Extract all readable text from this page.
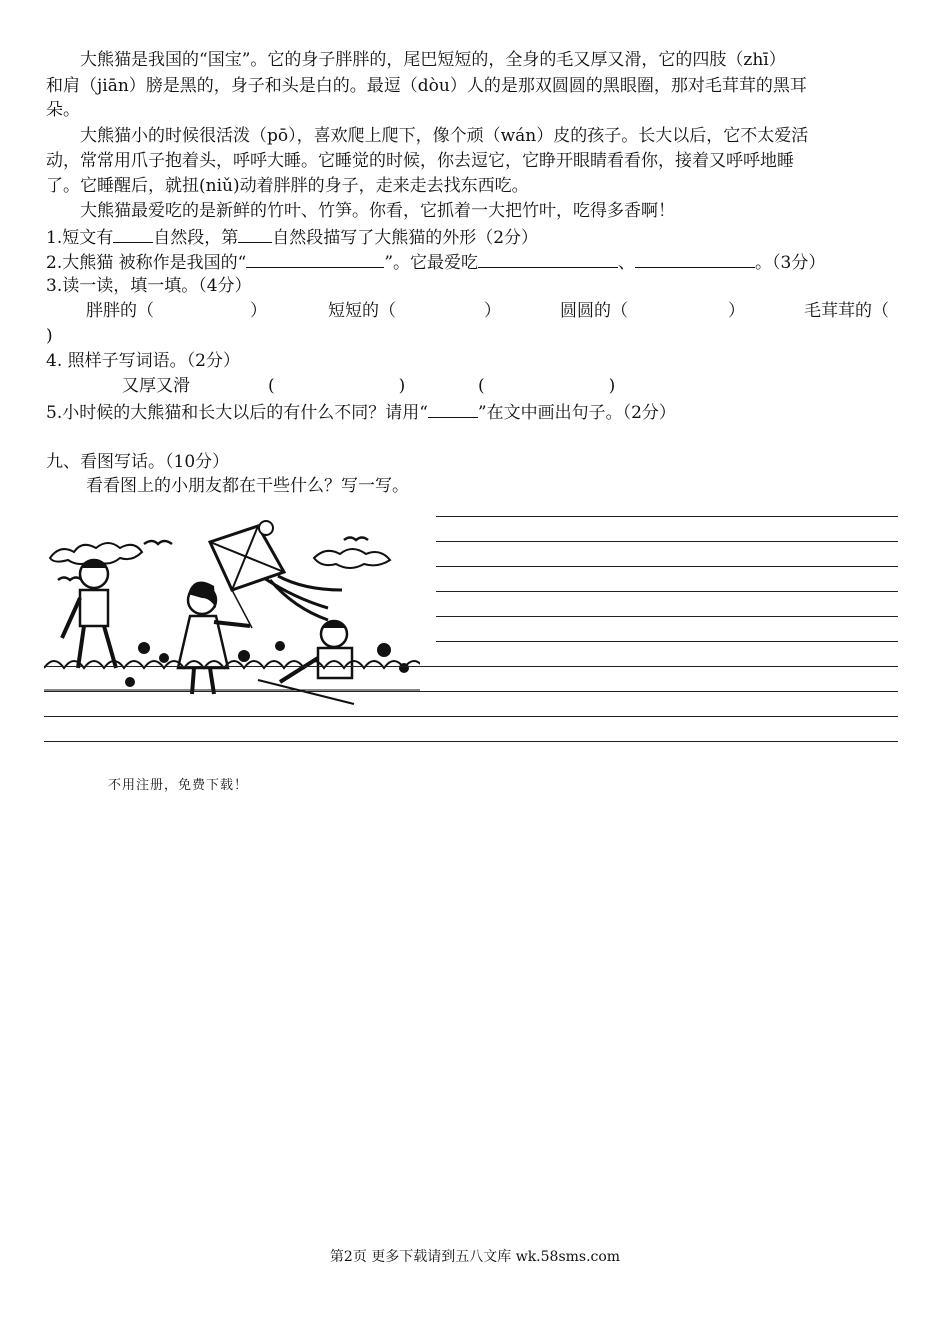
大熊猫是我国的“国宝”。它的身子胖胖的，尾巴短短的，全身的毛又厚又滑，它的四肢（zhī）
和肩（jiān）膀是黑的，身子和头是白的。最逗（dòu）人的是那双圆圆的黑眼圈，那对毛茸茸的黑耳
朵。
大熊猫小的时候很活泼（pō），喜欢爬上爬下，像个顽（wán）皮的孩子。长大以后，它不太爱活
动，常常用爪子抱着头，呼呼大睡。它睡觉的时候，你去逗它，它睁开眼睛看看你，接着又呼呼地睡
了。它睡醒后，就扭(niǔ)动着胖胖的身子，走来走去找东西吃。
大熊猫最爱吃的是新鲜的竹叶、竹笋。你看，它抓着一大把竹叶，吃得多香啊！
1.短文有 自然段，第 自然段描写了大熊猫的外形（2分）
2.大熊猫 被称作是我国的“	”。它最爱吃	、	。（3分）
3.读一读，填一填。（4分）
胖胖的（	）	短短的（	）	圆圆的（	）	毛茸茸的（
)
4. 照样子写词语。（2分）
又厚又滑	(	)	(	)
5.小时候的大熊猫和长大以后的有什么不同？请用“	”在文中画出句子。（2分）
九、看图写话。（10分）
看看图上的小朋友都在干些什么？写一写。
不用注册，免费下载！
第2页 更多下载请到五八文库 wk.58sms.com
